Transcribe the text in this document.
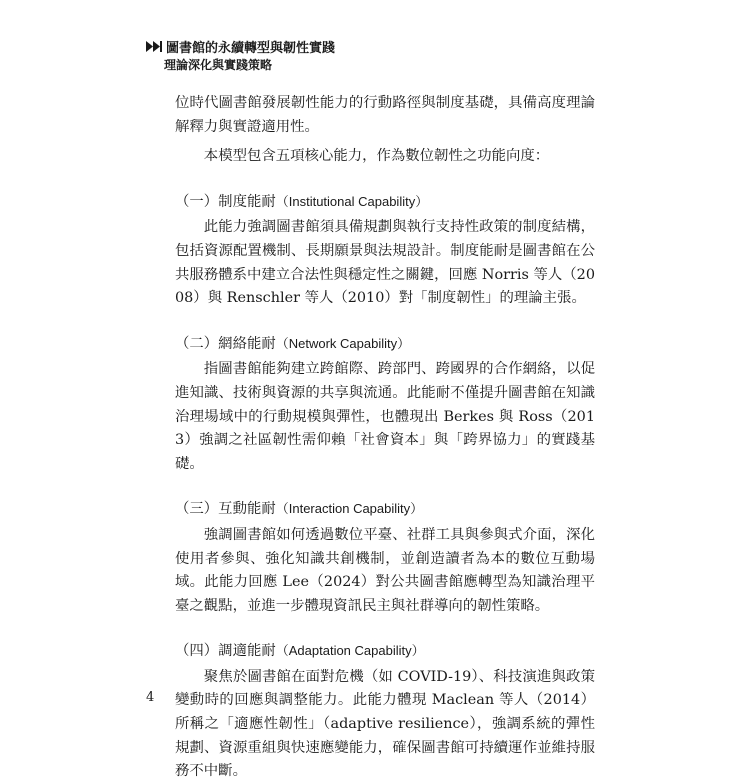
圖書館的永續轉型與韌性實踐
理論深化與實踐策略

位時代圖書館發展韌性能力的行動路徑與制度基礎，具備高度理論解釋力與實證適用性。

本模型包含五項核心能力，作為數位韌性之功能向度：

（一）制度能耐（Institutional Capability）

此能力強調圖書館須具備規劃與執行支持性政策的制度結構，包括資源配置機制、長期願景與法規設計。制度能耐是圖書館在公共服務體系中建立合法性與穩定性之關鍵，回應 Norris 等人（2008）與 Renschler 等人（2010）對「制度韌性」的理論主張。

（二）網絡能耐（Network Capability）

指圖書館能夠建立跨館際、跨部門、跨國界的合作網絡，以促進知識、技術與資源的共享與流通。此能耐不僅提升圖書館在知識治理場域中的行動規模與彈性，也體現出 Berkes 與 Ross（2013）強調之社區韌性需仰賴「社會資本」與「跨界協力」的實踐基礎。

（三）互動能耐（Interaction Capability）

強調圖書館如何透過數位平臺、社群工具與參與式介面，深化使用者參與、強化知識共創機制，並創造讀者為本的數位互動場域。此能力回應 Lee（2024）對公共圖書館應轉型為知識治理平臺之觀點，並進一步體現資訊民主與社群導向的韌性策略。

（四）調適能耐（Adaptation Capability）

聚焦於圖書館在面對危機（如 COVID-19）、科技演進與政策變動時的回應與調整能力。此能力體現 Maclean 等人（2014）所稱之「適應性韌性」（adaptive resilience），強調系統的彈性規劃、資源重組與快速應變能力，確保圖書館可持續運作並維持服務不中斷。

4
